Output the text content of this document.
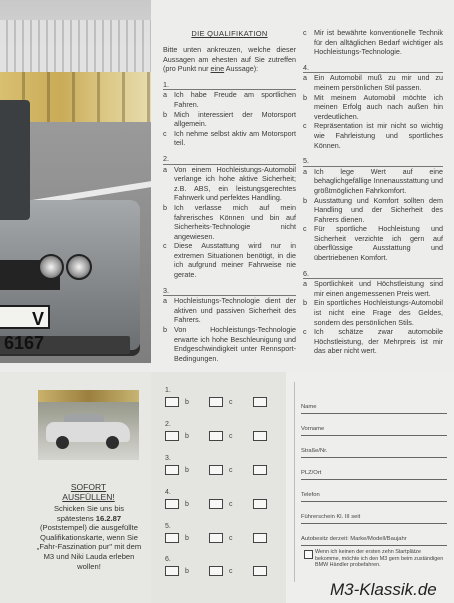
V 6167
DIE QUALIFIKATION
Bitte unten ankreuzen, welche dieser Aussagen am ehesten auf Sie zutreffen (pro Punkt nur eine Aussage):
1.
a Ich habe Freude am sportlichen Fahren.
b Mich interessiert der Motorsport allgemein.
c	Ich nehme selbst aktiv am Motorsport teil.
2.
a Von einem Hochleistungs-Automobil verlange ich hohe aktive Sicherheit; z.B. ABS, ein leistungsgerechtes Fahrwerk und perfektes Handling.
b Ich verlasse mich auf mein fahrerisches Können und bin auf Sicherheits-Technologie nicht angewiesen.
c	Diese Ausstattung wird nur in extremen Situationen benötigt, in die ich aufgrund meiner Fahrweise nie gerate.
3.
a Hochleistungs-Technologie dient der aktiven und passiven Sicherheit des Fahrers.
b Von Hochleistungs-Technologie erwarte ich hohe Beschleunigung und Endgeschwindigkeit unter Rennsport-Bedingungen.
c	Mir ist bewährte konventionelle Technik für den alltäglichen Bedarf wichtiger als Hochleistungs-Technologie.
4.
a Ein Automobil muß zu mir und zu meinem persönlichen Stil passen.
b Mit meinem Automobil möchte ich meinen Erfolg auch nach außen hin verdeutlichen.
c	Repräsentation ist mir nicht so wichtig wie Fahrleistung und sportliches Können.
5.
a Ich lege Wert auf eine behaglichgefällige Innenausstattung und größtmöglichen Fahrkomfort.
b Ausstattung und Komfort sollten dem Handling und der Sicherheit des Fahrers dienen.
c	Für sportliche Hochleistung und Sicherheit verzichte ich gern auf überflüssige Ausstattung und übertriebenen Komfort.
6.
a Sportlichkeit und Höchstleistung sind mir einen angemessenen Preis wert.
b Ein sportliches Hochleistungs-Automobil ist nicht eine Frage des Geldes, sondern des persönlichen Stils.
c	Ich schätze zwar automobile Höchstleistung, der Mehrpreis ist mir das aber nicht wert.
SOFORT
AUSFÜLLEN!
Schicken Sie uns bis spätestens 16.2.87 (Poststempel) die ausgefüllte Qualifikationskarte, wenn Sie „Fahr-Faszination pur" mit dem M3 und Niki Lauda erleben wollen!
1.
b	c
2.
b	c
3.
b	c
4.
b	c
5.
b	c
6.
b	c
Name
Vorname
Straße/Nr.
PLZ/Ort
Telefon
Führerschein Kl. III seit
Autobesitz derzeit: Marke/Modell/Baujahr
Wenn ich keinen der ersten zehn Startplätze bekomme, möchte ich den M3 gern beim zuständigen BMW Händler probefahren.
M3-Klassik.de
